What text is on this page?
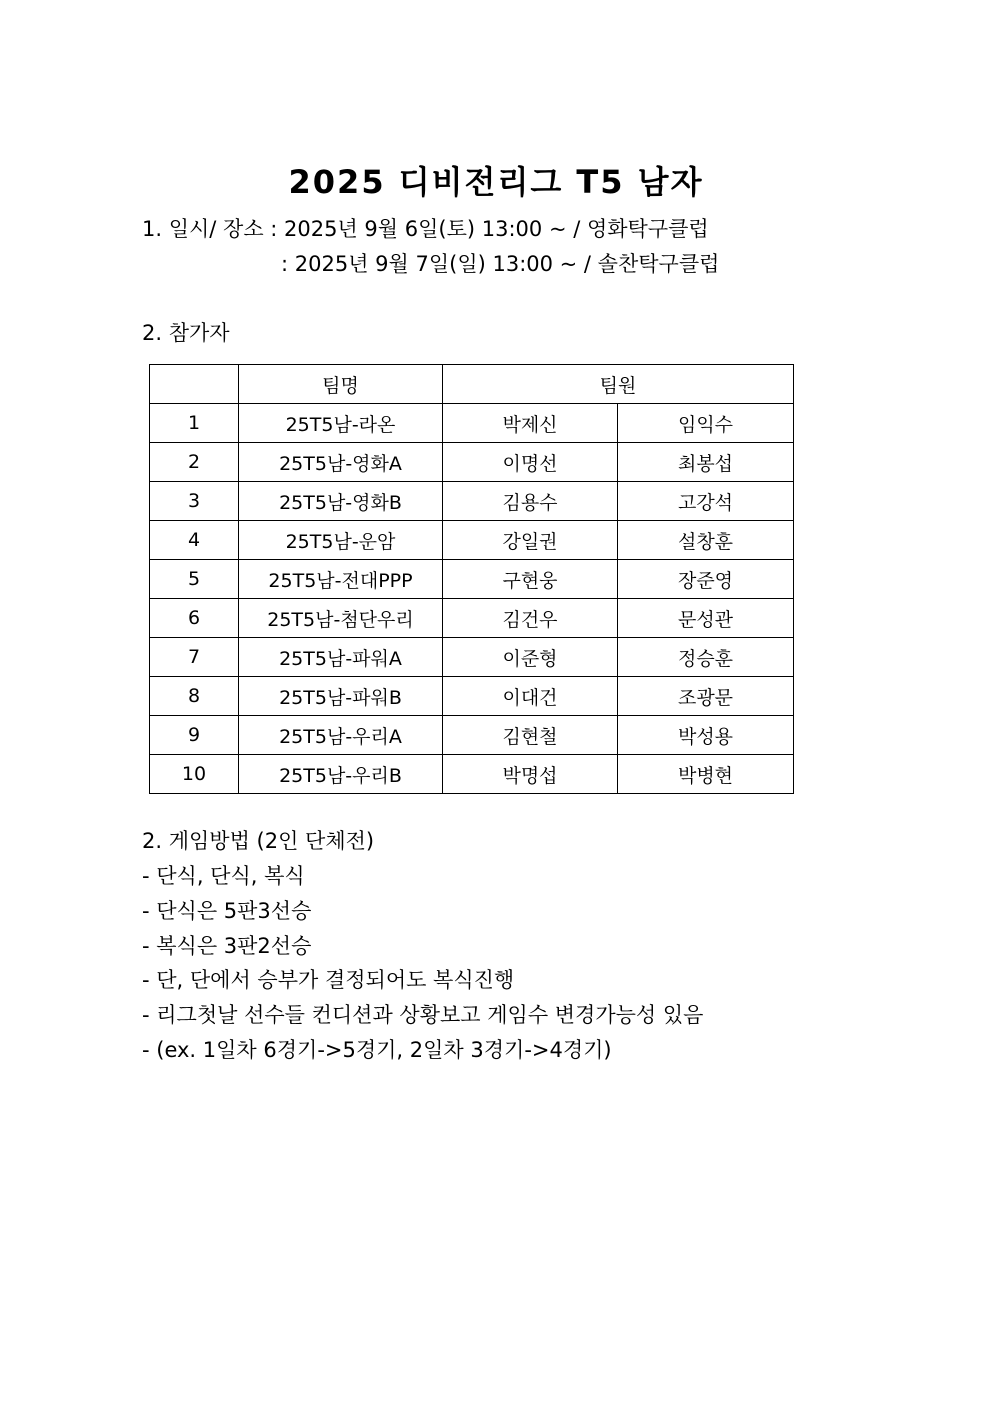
2025 디비전리그 T5 남자
1. 일시/ 장소 : 2025년 9월 6일(토) 13:00 ~ / 영화탁구클럽
: 2025년 9월 7일(일) 13:00 ~ / 솔찬탁구클럽
2. 참가자
	팀명	팀원	
1	25T5남-라온	박제신	임익수
2	25T5남-영화A	이명선	최봉섭
3	25T5남-영화B	김용수	고강석
4	25T5남-운암	강일권	설창훈
5	25T5남-전대PPP	구현웅	장준영
6	25T5남-첨단우리	김건우	문성관
7	25T5남-파워A	이준형	정승훈
8	25T5남-파워B	이대건	조광문
9	25T5남-우리A	김현철	박성용
10	25T5남-우리B	박명섭	박병현
2. 게임방법 (2인 단체전)
- 단식, 단식, 복식
- 단식은 5판3선승
- 복식은 3판2선승
- 단, 단에서 승부가 결정되어도 복식진행
- 리그첫날 선수들 컨디션과 상황보고 게임수 변경가능성 있음
- (ex. 1일차 6경기->5경기, 2일차 3경기->4경기)
